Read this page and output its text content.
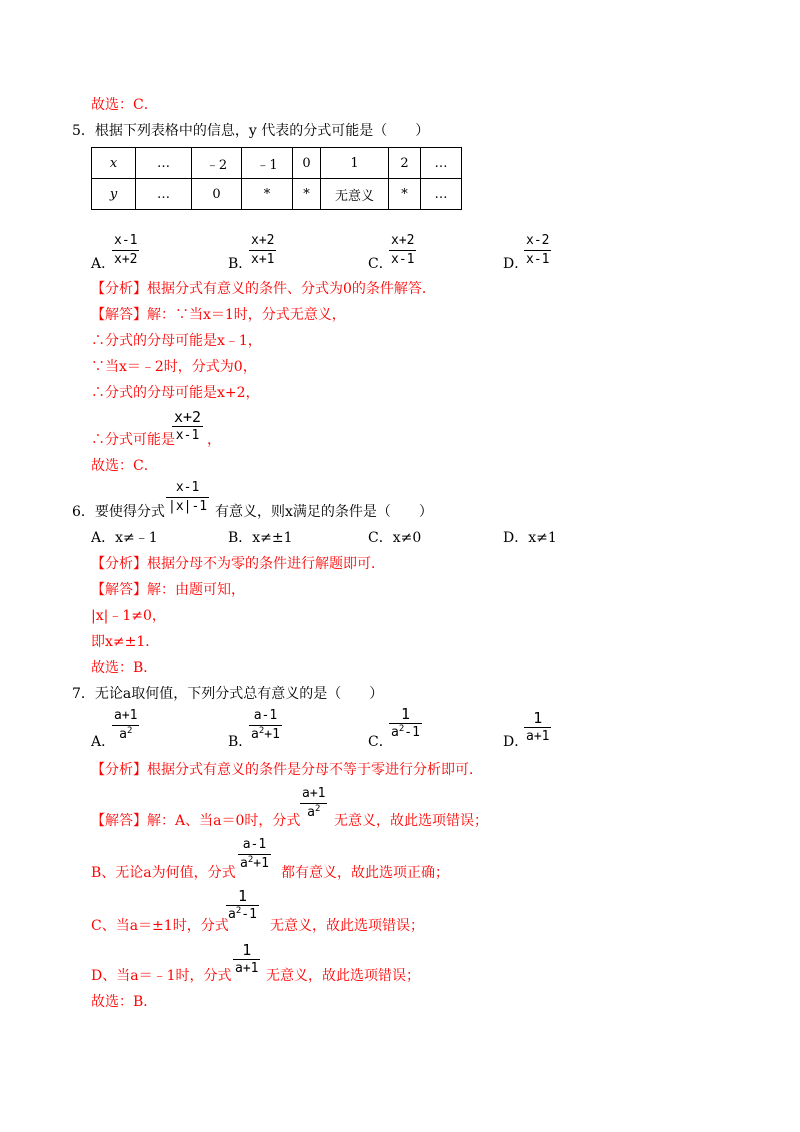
故选：C．
5．根据下列表格中的信息，y 代表的分式可能是（　　）
x	…	﹣2	﹣1	0	1	2	…
y	…	0	*	*	无意义	*	…
A．
$\frac{x-1}{x+2}$	B．
$\frac{x+2}{x+1}$	C．
$\frac{x+2}{x-1}$	D．
$\frac{x-2}{x-1}$
【分析】根据分式有意义的条件、分式为0的条件解答．
【解答】解：∵当x＝1时，分式无意义，
∴分式的分母可能是x﹣1，
∵当x＝﹣2时，分式为0，
∴分式的分母可能是x+2，
∴分式可能是
$\frac{x+2}{x-1}$ ，
故选：C．
6．要使得分式 $\frac{x-1}{|x|-1}$ 有意义，则x满足的条件是（　　）
A．x≠﹣1	B．x≠±1	C．x≠0	D．x≠1
【分析】根据分母不为零的条件进行解题即可．
【解答】解：由题可知，
|x|﹣1≠0，
即x≠±1．
故选：B．
7．无论a取何值，下列分式总有意义的是（　　）
A．
$\frac{a+1}{a^2}$	B．
$\frac{a-1}{a^2+1}$	C．
$\frac{1}{a^2-1}$
D．
$\frac{1}{a+1}$
【分析】根据分式有意义的条件是分母不等于零进行分析即可．
【解答】解：A、当a＝0时，分式
$\frac{a+1}{a^2}$
无意义，故此选项错误；
B、无论a为何值，分式
$\frac{a-1}{a^2+1}$
都有意义，故此选项正确；
C、当a＝±1时，分式
$\frac{1}{a^2-1}$
无意义，故此选项错误；
D、当a＝﹣1时，分式 $\frac{1}{a+1}$ 无意义，故此选项错误；
故选：B．
